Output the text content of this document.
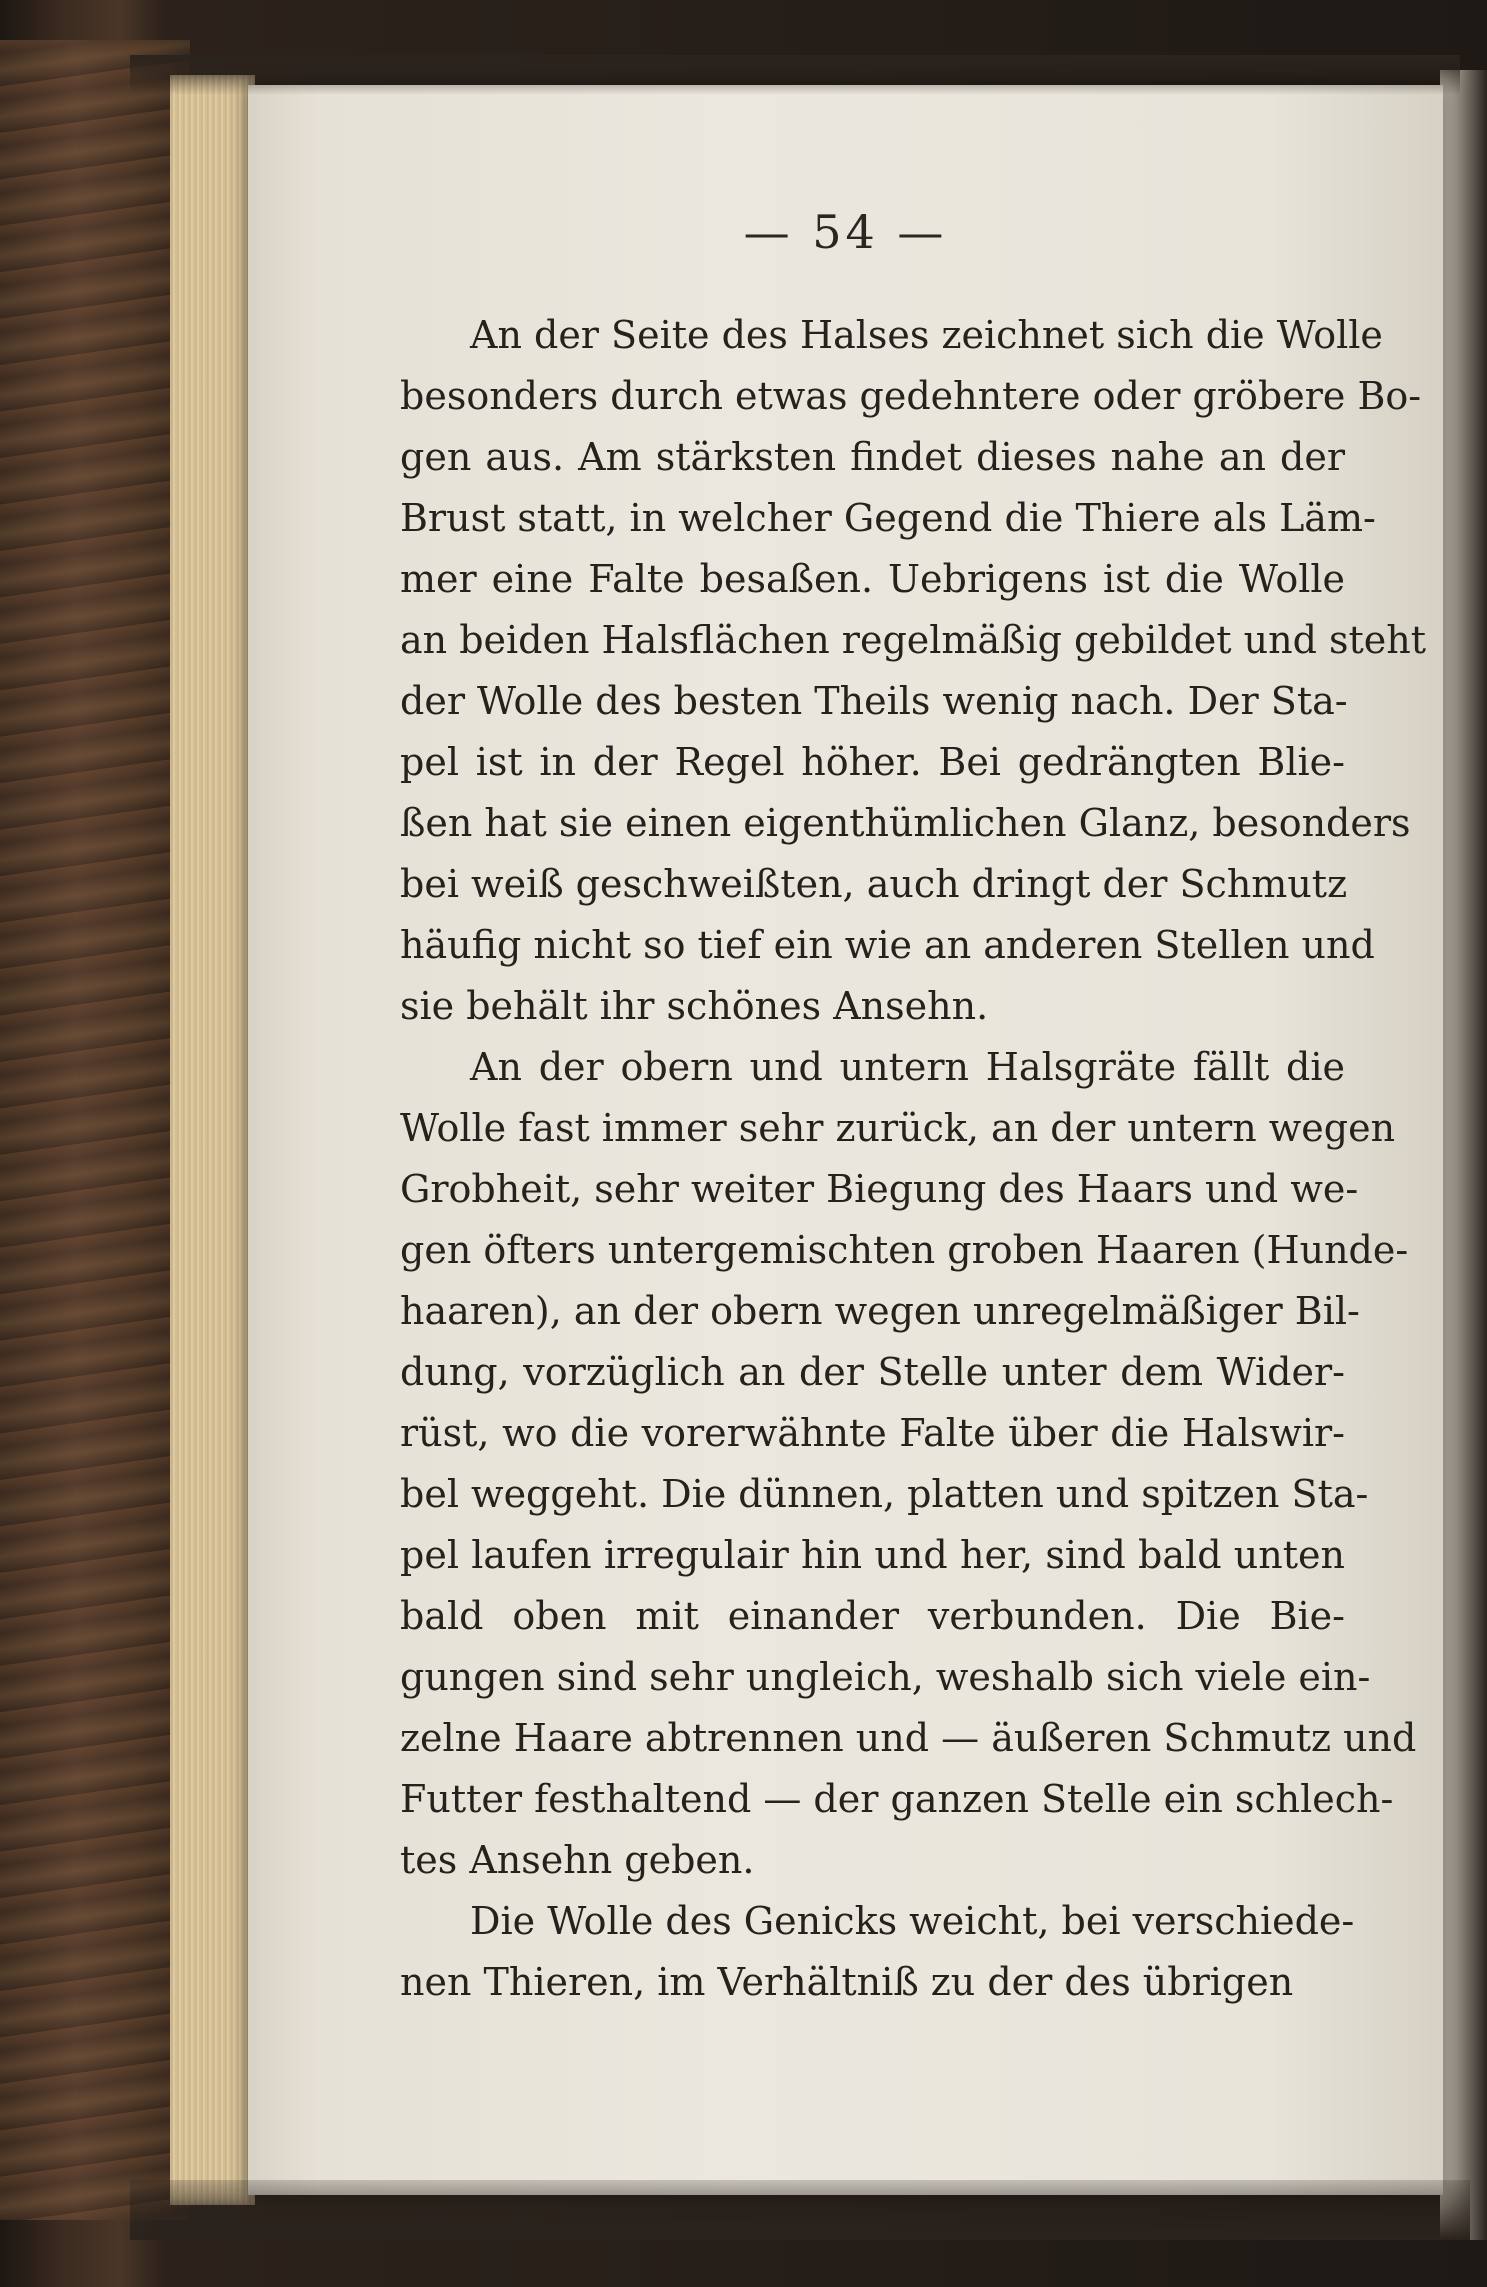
— 54 —
An der Seite des Halses zeichnet sich die Wolle
besonders durch etwas gedehntere oder gröbere Bo-
gen aus. Am stärksten findet dieses nahe an der
Brust statt, in welcher Gegend die Thiere als Läm-
mer eine Falte besaßen. Uebrigens ist die Wolle
an beiden Halsflächen regelmäßig gebildet und steht
der Wolle des besten Theils wenig nach. Der Sta-
pel ist in der Regel höher. Bei gedrängten Blie-
ßen hat sie einen eigenthümlichen Glanz, besonders
bei weiß geschweißten, auch dringt der Schmutz
häufig nicht so tief ein wie an anderen Stellen und
sie behält ihr schönes Ansehn.
An der obern und untern Halsgräte fällt die
Wolle fast immer sehr zurück, an der untern wegen
Grobheit, sehr weiter Biegung des Haars und we-
gen öfters untergemischten groben Haaren (Hunde-
haaren), an der obern wegen unregelmäßiger Bil-
dung, vorzüglich an der Stelle unter dem Wider-
rüst, wo die vorerwähnte Falte über die Halswir-
bel weggeht. Die dünnen, platten und spitzen Sta-
pel laufen irregulair hin und her, sind bald unten
bald oben mit einander verbunden. Die Bie-
gungen sind sehr ungleich, weshalb sich viele ein-
zelne Haare abtrennen und — äußeren Schmutz und
Futter festhaltend — der ganzen Stelle ein schlech-
tes Ansehn geben.
Die Wolle des Genicks weicht, bei verschiede-
nen Thieren, im Verhältniß zu der des übrigen
